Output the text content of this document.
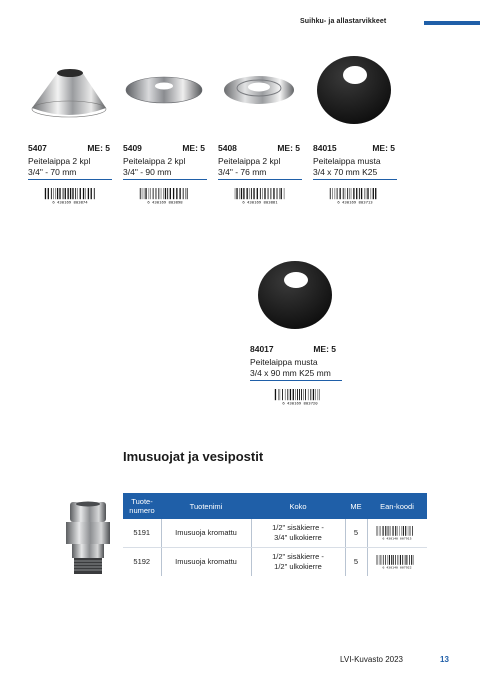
Suihku- ja allastarvikkeet
5407	ME: 5
Peitelaippa 2 kpl
3/4" - 70 mm
6 430169 803874
5409	ME: 5
Peitelaippa 2 kpl
3/4" - 90 mm
6 430169 803898
5408	ME: 5
Peitelaippa 2 kpl
3/4" - 76 mm
6 430169 803881
84015	ME: 5
Peitelaippa musta
3/4 x 70 mm K25
6 430169 803713
84017	ME: 5
Peitelaippa musta
3/4 x 90 mm K25 mm
6 430169 803720
Imusuojat ja vesipostit
Tuote-
numero	Tuotenimi	Koko	ME	Ean-koodi
5191	Imusuoja kromattu	1/2" sisäkierre -
3/4" ulkokierre	5	6 430140 007915

5192	Imusuoja kromattu	1/2" sisäkierre -
1/2" ulkokierre	5	6 430140 007922
LVI-Kuvasto 2023	13
